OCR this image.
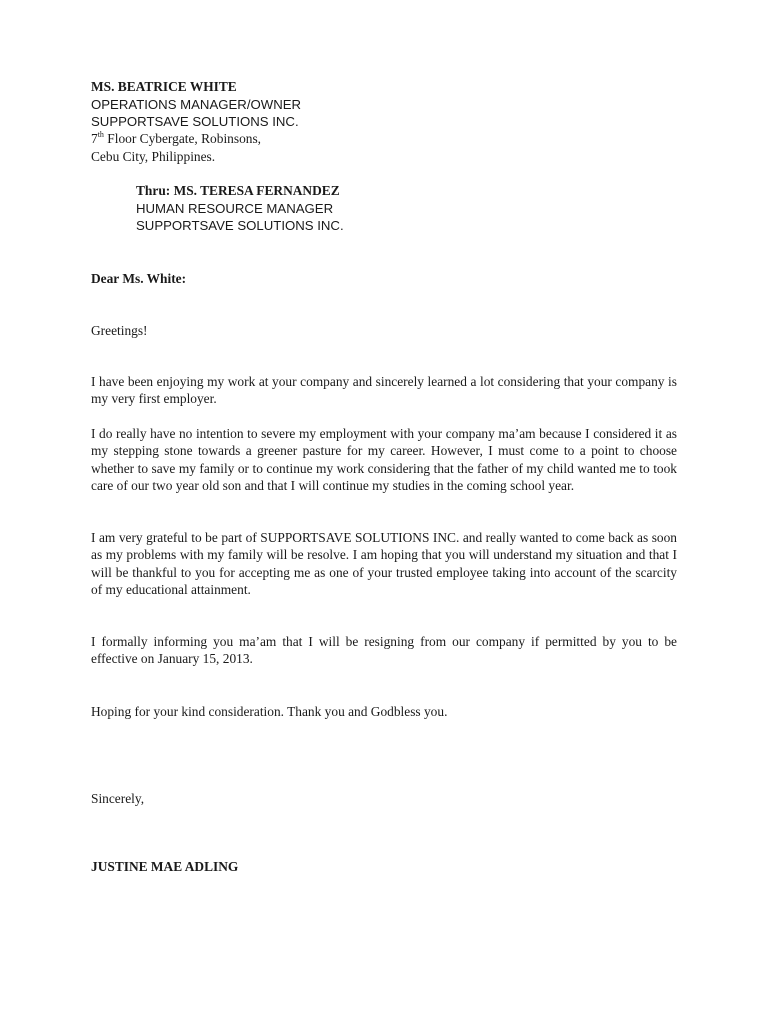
MS. BEATRICE WHITE
OPERATIONS MANAGER/OWNER
SUPPORTSAVE SOLUTIONS INC.
7th Floor Cybergate, Robinsons,
Cebu City, Philippines.
Thru: MS. TERESA FERNANDEZ
HUMAN RESOURCE MANAGER
SUPPORTSAVE SOLUTIONS INC.
Dear Ms. White:
Greetings!
I have been enjoying my work at your company and sincerely learned a lot considering that your company is my very first employer.
I do really have no intention to severe my employment with your company ma’am because I considered it as my stepping stone towards a greener pasture for my career. However, I must come to a point to choose whether to save my family or to continue my work considering that the father of my child wanted me to took care of our two year old son and that I will continue my studies in the coming school year.
I am very grateful to be part of SUPPORTSAVE SOLUTIONS INC. and really wanted to come back as soon as my problems with my family will be resolve. I am hoping that you will understand my situation and that I will be thankful to you for accepting me as one of your trusted employee taking into account of the scarcity of my educational attainment.
I formally informing you ma’am that I will be resigning from our company if permitted by you to be effective on January 15, 2013.
Hoping for your kind consideration. Thank you and Godbless you.
Sincerely,
JUSTINE MAE ADLING
